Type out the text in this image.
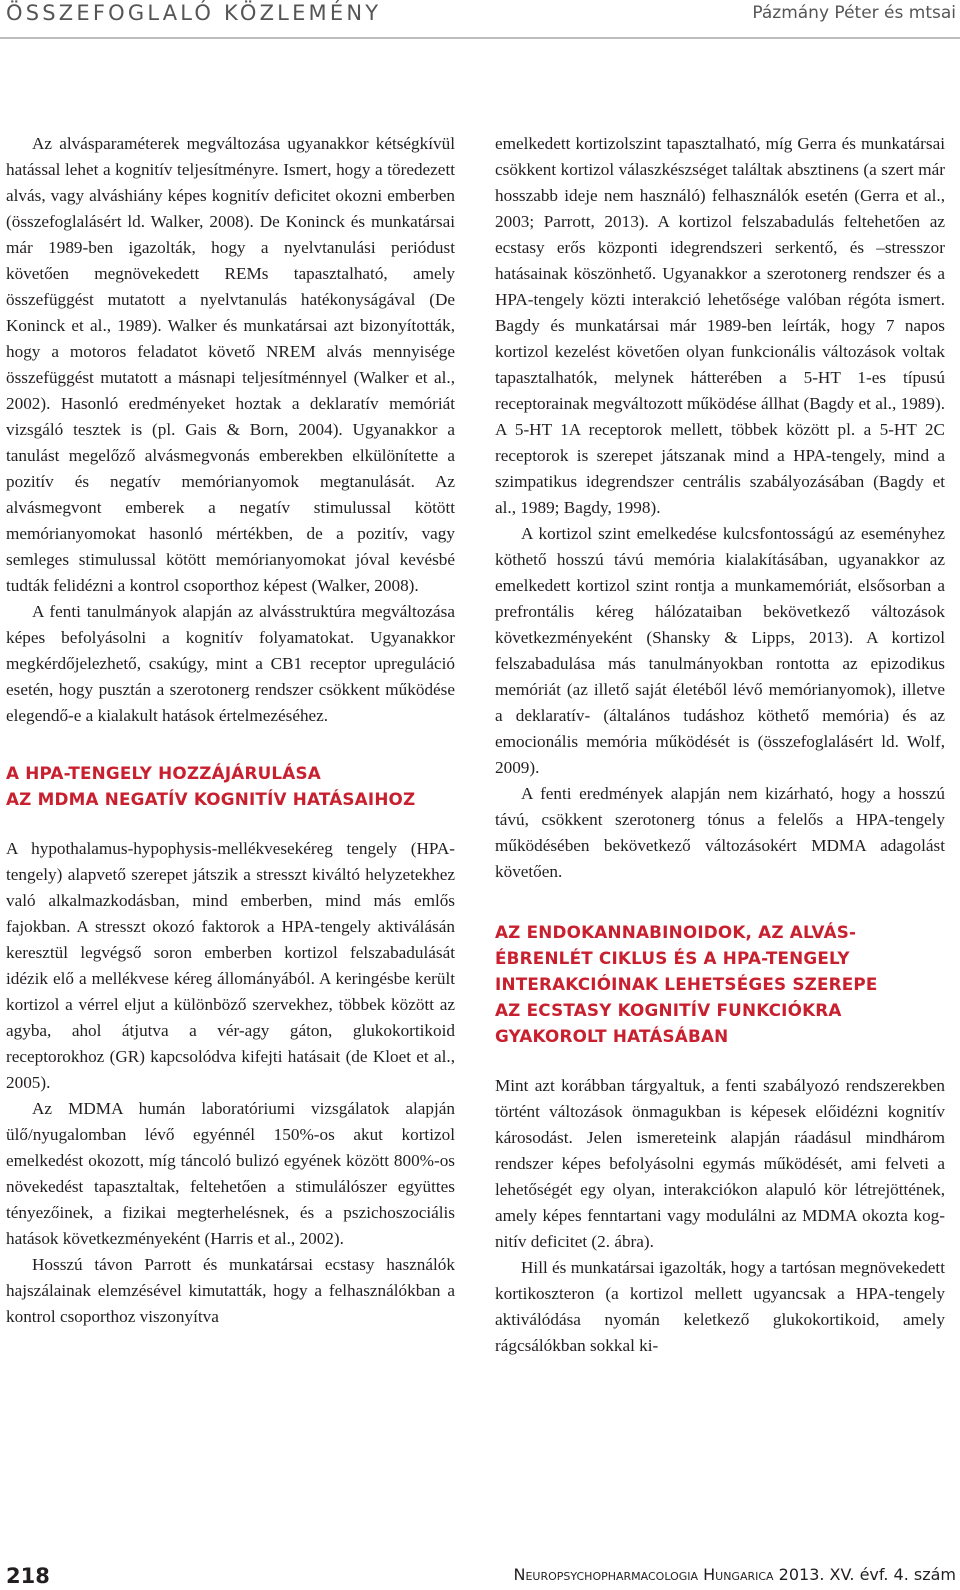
ÖSSZEFOGLALÓ KÖZLEMÉNY	Pázmány Péter és mtsai

Az alvásparaméterek megváltozása ugyanakkor kétségkívül hatással lehet a kognitív teljesítményre. Ismert, hogy a töredezett alvás, vagy alváshiány képes kognitív deficitet okozni emberben (összefoglalásért ld. Walker, 2008). De Koninck és munkatársai már 1989-ben igazolták, hogy a nyelvtanulási periódust követően megnövekedett REMs tapasztalható, amely összefüggést mutatott a nyelvtanulás hatékonyságával (De Koninck et al., 1989). Walker és munkatársai azt bizonyították, hogy a motoros feladatot követő NREM alvás mennyisége összefüggést mutatott a másnapi teljesítménnyel (Walker et al., 2002). Hasonló eredményeket hoztak a deklaratív memóriát vizsgáló tesztek is (pl. Gais & Born, 2004). Ugyanakkor a tanulást megelőző alvásmegvonás emberekben elkülönítette a pozitív és negatív memórianyomok megtanulását. Az alvásmegvont emberek a negatív stimulussal kötött memórianyomokat hasonló mértékben, de a pozitív, vagy semleges stimulussal kötött memórianyomokat jóval kevésbé tudták felidézni a kontrol csoporthoz képest (Walker, 2008).

A fenti tanulmányok alapján az alvásstruktúra megváltozása képes befolyásolni a kognitív folyamatokat. Ugyanakkor megkérdőjelezhető, csakúgy, mint a CB1 receptor upreguláció esetén, hogy pusztán a szerotonerg rendszer csökkent működése elegendő-e a kialakult hatások értelmezéséhez.

A HPA-TENGELY HOZZÁJÁRULÁSA
AZ MDMA NEGATÍV KOGNITÍV HATÁSAIHOZ

A hypothalamus-hypophysis-mellékvesekéreg tengely (HPA-tengely) alapvető szerepet játszik a stresszt kiváltó helyzetekhez való alkalmazkodásban, mind emberben, mind más emlős fajokban. A stresszt okozó faktorok a HPA-tengely aktiválásán keresztül legvégső soron emberben kortizol felszabadulását idézik elő a mellékvese kéreg állományából. A keringésbe került kortizol a vérrel eljut a különböző szervekhez, többek között az agyba, ahol átjutva a vér-agy gáton, glukokortikoid receptorokhoz (GR) kapcsolódva kifejti hatásait (de Kloet et al., 2005).

Az MDMA humán laboratóriumi vizsgálatok alapján ülő/nyugalomban lévő egyénnél 150%-os akut kortizol emelkedést okozott, míg táncoló bulizó egyének között 800%-os növekedést tapasztaltak, feltehetően a stimulálószer együttes tényezőinek, a fizikai megterhelésnek, és a pszichoszociális hatások következményeként (Harris et al., 2002).

Hosszú távon Parrott és munkatársai ecstasy használók hajszálainak elemzésével kimutatták, hogy a felhasználókban a kontrol csoporthoz viszonyítva

emelkedett kortizolszint tapasztalható, míg Gerra és munkatársai csökkent kortizol válaszkészséget találtak absztinens (a szert már hosszabb ideje nem használó) felhasználók esetén (Gerra et al., 2003; Parrott, 2013). A kortizol felszabadulás feltehetően az ecstasy erős központi idegrendszeri serkentő, és –stresszor hatásainak köszönhető. Ugyanakkor a szerotonerg rendszer és a HPA-tengely közti interakció lehetősége valóban régóta ismert. Bagdy és munkatársai már 1989-ben leírták, hogy 7 napos kortizol kezelést követően olyan funkcionális változások voltak tapasztalhatók, melynek hátterében a 5-HT 1-es típusú receptorainak megváltozott működése állhat (Bagdy et al., 1989). A 5-HT 1A receptorok mellett, többek között pl. a 5-HT 2C receptorok is szerepet játszanak mind a HPA-tengely, mind a szimpatikus idegrendszer centrális szabályozásában (Bagdy et al., 1989; Bagdy, 1998).

A kortizol szint emelkedése kulcsfontosságú az eseményhez köthető hosszú távú memória kialakításában, ugyanakkor az emelkedett kortizol szint rontja a munkamemóriát, elsősorban a prefrontális kéreg hálózataiban bekövetkező változások következményeként (Shansky & Lipps, 2013). A kortizol felszabadulása más tanulmányokban rontotta az epizodikus memóriát (az illető saját életéből lévő memórianyomok), illetve a deklaratív- (általános tudáshoz köthető memória) és az emocionális memória működését is (összefoglalásért ld. Wolf, 2009).

A fenti eredmények alapján nem kizárható, hogy a hosszú távú, csökkent szerotonerg tónus a felelős a HPA-tengely működésében bekövetkező változásokért MDMA adagolást követően.

AZ ENDOKANNABINOIDOK, AZ ALVÁS-
ÉBRENLÉT CIKLUS ÉS A HPA-TENGELY
INTERAKCIÓINAK LEHETSÉGES SZEREPE
AZ ECSTASY KOGNITÍV FUNKCIÓKRA
GYAKOROLT HATÁSÁBAN

Mint azt korábban tárgyaltuk, a fenti szabályozó rendszerekben történt változások önmagukban is képesek előidézni kognitív károsodást. Jelen ismereteink alapján ráadásul mindhárom rendszer képes befolyásolni egymás működését, ami felveti a lehetőségét egy olyan, interakciókon alapuló kör létrejöttének, amely képes fenntartani vagy modulálni az MDMA okozta kognitív deficitet (2. ábra).

Hill és munkatársai igazolták, hogy a tartósan megnövekedett kortikoszteron (a kortizol mellett ugyancsak a HPA-tengely aktiválódása nyomán keletkező glukokortikoid, amely rágcsálókban sokkal ki-

218	Neuropsychopharmacologia Hungarica 2013. XV. évf. 4. szám
